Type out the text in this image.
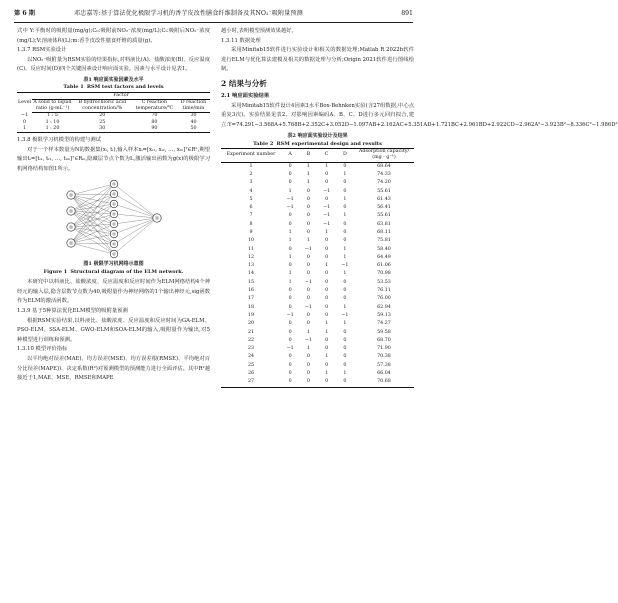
第 6 期	邓忠嘉等:基于算法优化极限学习机的香芋皮改性膳食纤维制备及其NO₂⁻吸附量预测	891

式中 Y:平衡时的吸附量(mg/g);C₀:吸附前NO₂⁻浓度(mg/L);Cₜ:吸附后NO₂⁻浓度(mg/L);V:溶液体积(L);m:香芋皮改性膳食纤维的质量(g)。

1.3.7 RSM实验设计

以NO₂⁻吸附量为RSM实验的结果指标,对料液比(A)、盐酸浓度(B)、反应温度(C)、反应时间(D)四个关键因素设计响应面实验。因素与水平设计见表1。

表1 响应面实验因素及水平
Table 1 RSM test factors and levels
Level	Factor			
	A solid to liquid ratio (g·mL⁻¹)	B hydrochloric acid concentration/%	C reaction temperature/℃	D reaction time/min
−1	1 : 5	20	70	30
0	1 : 10	25	80	40
1	1 : 20	30	90	50

1.3.8 极限学习机模型的构建与测试

对于一个样本数量为N的数据集(xᵢ, tᵢ),输入样本xᵢ=[xᵢ₁, xᵢ₂, …, xᵢₙ]ᵀ∈Rⁿ,期望输出tᵢ=[tᵢ₁, tᵢ₂, …, tᵢₘ]ᵀ∈Rₘ,隐藏层节点个数为L,激活输出函数为g(x)的极限学习机网络结构如图1所示。

图1 极限学习机网络示意图
Figure 1 Structural diagram of the ELM network.

本研究中以料液比、盐酸浓度、反应温度和反应时间作为ELM网络结构4个神经元的输入层,隐含层数节点数为40,吸附量作为神经网络的1个输出神经元,sig函数作为ELM的激活函数。

1.3.9 基于5种算法优化ELM模型的吸附量预测

根据RSM实验结果,以料液比、盐酸浓度、反应温度和反应时间为GA-ELM、PSO-ELM、SSA-ELM、GWO-ELM和SOA-ELM的输入,吸附量作为输出,对5种模型进行训练和预测。

1.3.10 模型评价指标

以平均绝对误差(MAE)、均方误差(MSE)、均方误差根(RMSE)、平均绝对百分比误差(MAPE))、决定系数(R²)对预测模型的预测能力进行全面评估。其中R²越接近于1,MAE、MSE、RMSE和MAPE

越小时,表明模型预测效果越好。

1.3.11 数据处理

采用Minitab15软件进行实验设计和相关的数据处理;Matlab R 2022b软件进行ELM与优化算法建模及相关的数据处理与分析;Origin 2021软件进行图线绘制。

2 结果与分析

2.1 响应面实验结果

采用Minitab15软件设计4因素3水平Box-Behnken实验(含27组数据,中心点重复3次)。实验结果见表2。对影响因素编码A、B、C、D进行多元回归拟合,建立:Y=74.291−3.568A+5.768B+2.352C+3.052D−1.097AB+2.162AC+5.351AD+1.721BC+2.961BD+2.922CD−2.962A²−3.923B²−8.336C²−1.986D²

表2 响应面实验设计及结果
Table 2 RSM experimental design and results
Experiment number	A	B	C	D	Adsorption capacity/ (mg · g⁻¹)
1	0	1	1	0	68.64
2	0	1	0	1	74.33
3	0	1	0	0	74.20
4	1	0	−1	0	55.61
5	−1	0	0	1	61.43
6	−1	0	−1	0	56.41
7	0	0	−1	1	55.61
8	0	0	−1	0	63.81
9	1	0	1	0	68.11
10	1	1	0	0	75.81
11	0	−1	0	1	58.40
12	1	0	0	1	64.49
13	0	0	1	−1	61.06
14	1	0	0	1	70.98
15	1	−1	0	0	53.53
16	0	0	0	0	76.11
17	0	0	0	0	76.00
18	0	−1	0	1	62.94
19	−1	0	0	−1	59.13
20	0	0	1	1	74.27
21	0	1	1	0	59.58
22	0	−1	0	0	68.70
23	−1	1	0	0	71.90
24	0	0	1	0	70.38
25	0	0	0	0	57.38
26	0	0	1	1	66.04
27	0	0	0	0	70.68
